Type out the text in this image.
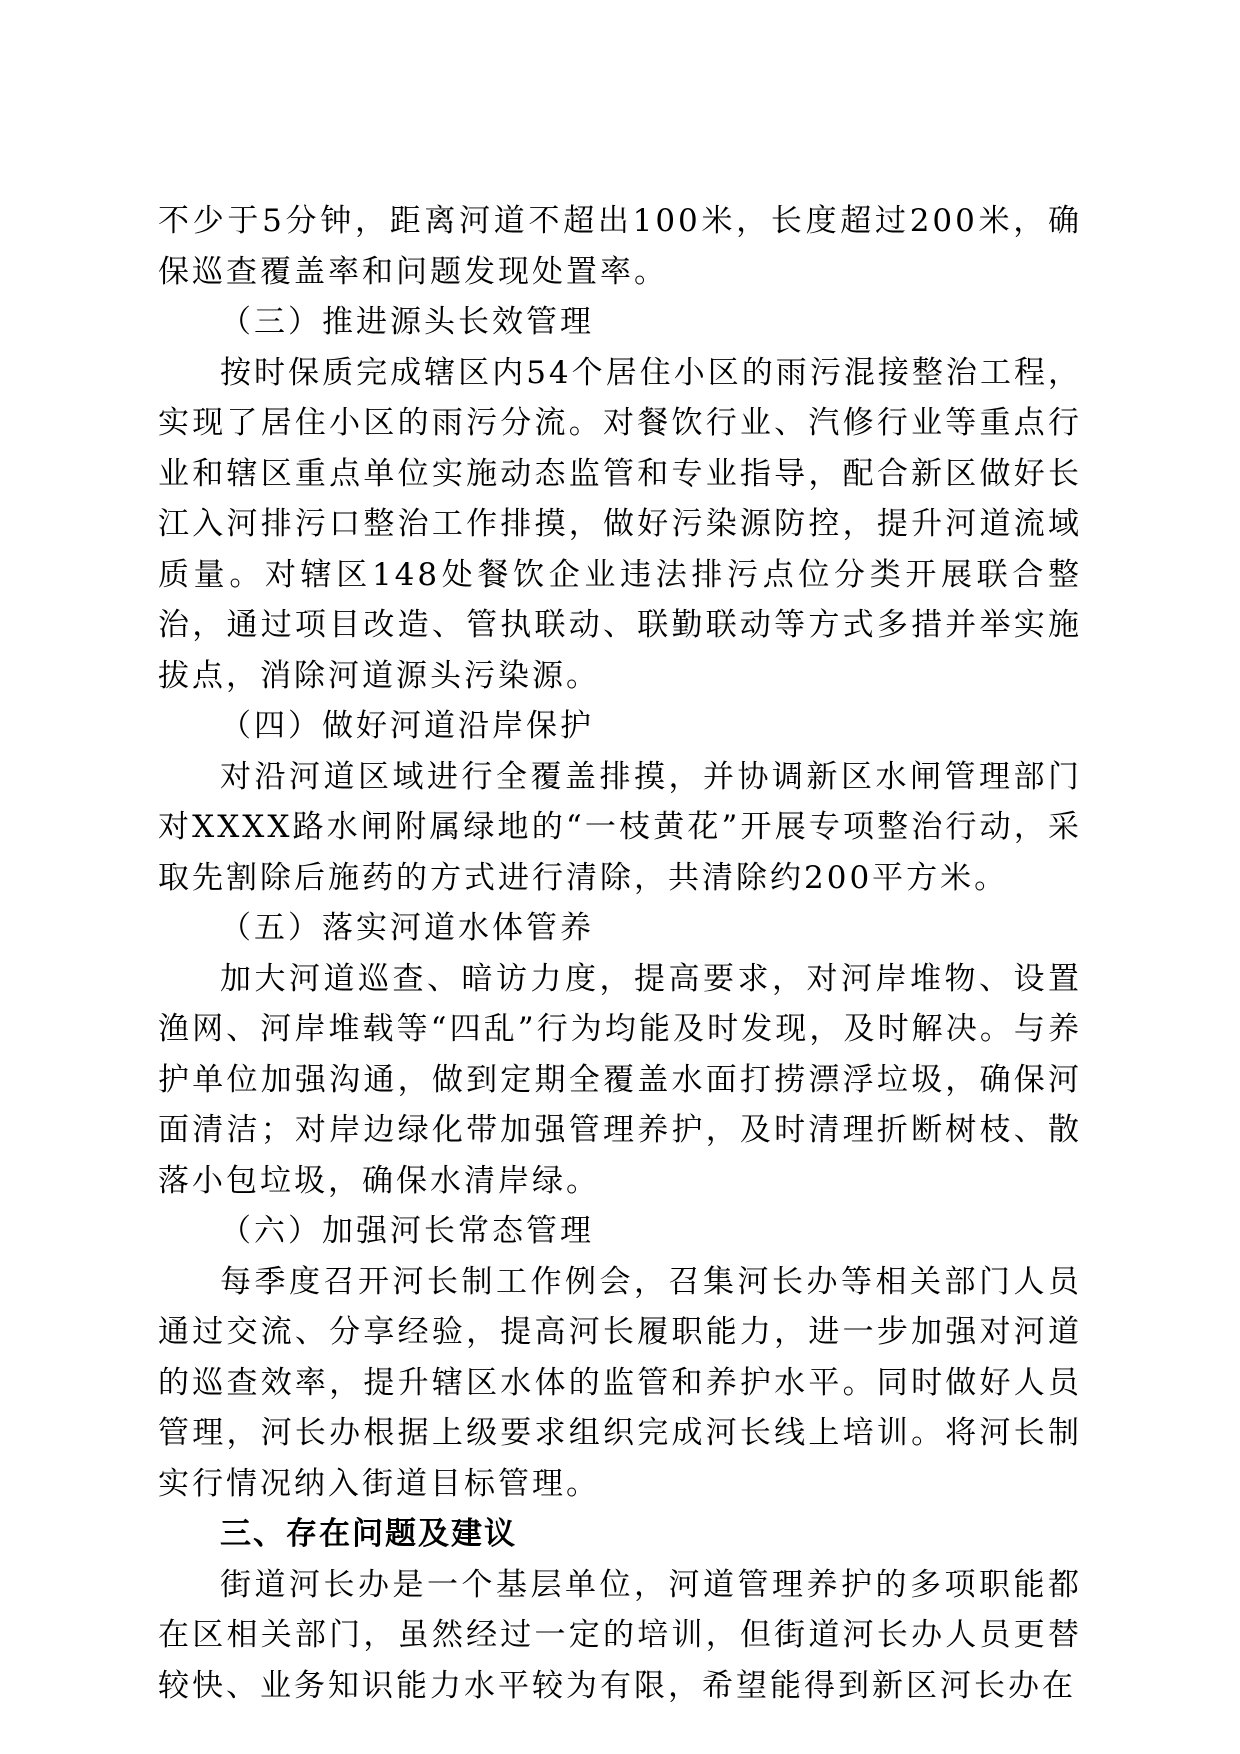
不少于5分钟，距离河道不超出100米，长度超过200米，确保巡查覆盖率和问题发现处置率。

（三）推进源头长效管理

按时保质完成辖区内54个居住小区的雨污混接整治工程，实现了居住小区的雨污分流。对餐饮行业、汽修行业等重点行业和辖区重点单位实施动态监管和专业指导，配合新区做好长江入河排污口整治工作排摸，做好污染源防控，提升河道流域质量。对辖区148处餐饮企业违法排污点位分类开展联合整治，通过项目改造、管执联动、联勤联动等方式多措并举实施拔点，消除河道源头污染源。

（四）做好河道沿岸保护

对沿河道区域进行全覆盖排摸，并协调新区水闸管理部门对XXXX路水闸附属绿地的“一枝黄花”开展专项整治行动，采取先割除后施药的方式进行清除，共清除约200平方米。

（五）落实河道水体管养

加大河道巡查、暗访力度，提高要求，对河岸堆物、设置渔网、河岸堆载等“四乱”行为均能及时发现，及时解决。与养护单位加强沟通，做到定期全覆盖水面打捞漂浮垃圾，确保河面清洁；对岸边绿化带加强管理养护，及时清理折断树枝、散落小包垃圾，确保水清岸绿。

（六）加强河长常态管理

每季度召开河长制工作例会，召集河长办等相关部门人员通过交流、分享经验，提高河长履职能力，进一步加强对河道的巡查效率，提升辖区水体的监管和养护水平。同时做好人员管理，河长办根据上级要求组织完成河长线上培训。将河长制实行情况纳入街道目标管理。

三、存在问题及建议

街道河长办是一个基层单位，河道管理养护的多项职能都在区相关部门，虽然经过一定的培训，但街道河长办人员更替较快、业务知识能力水平较为有限，希望能得到新区河长办在
